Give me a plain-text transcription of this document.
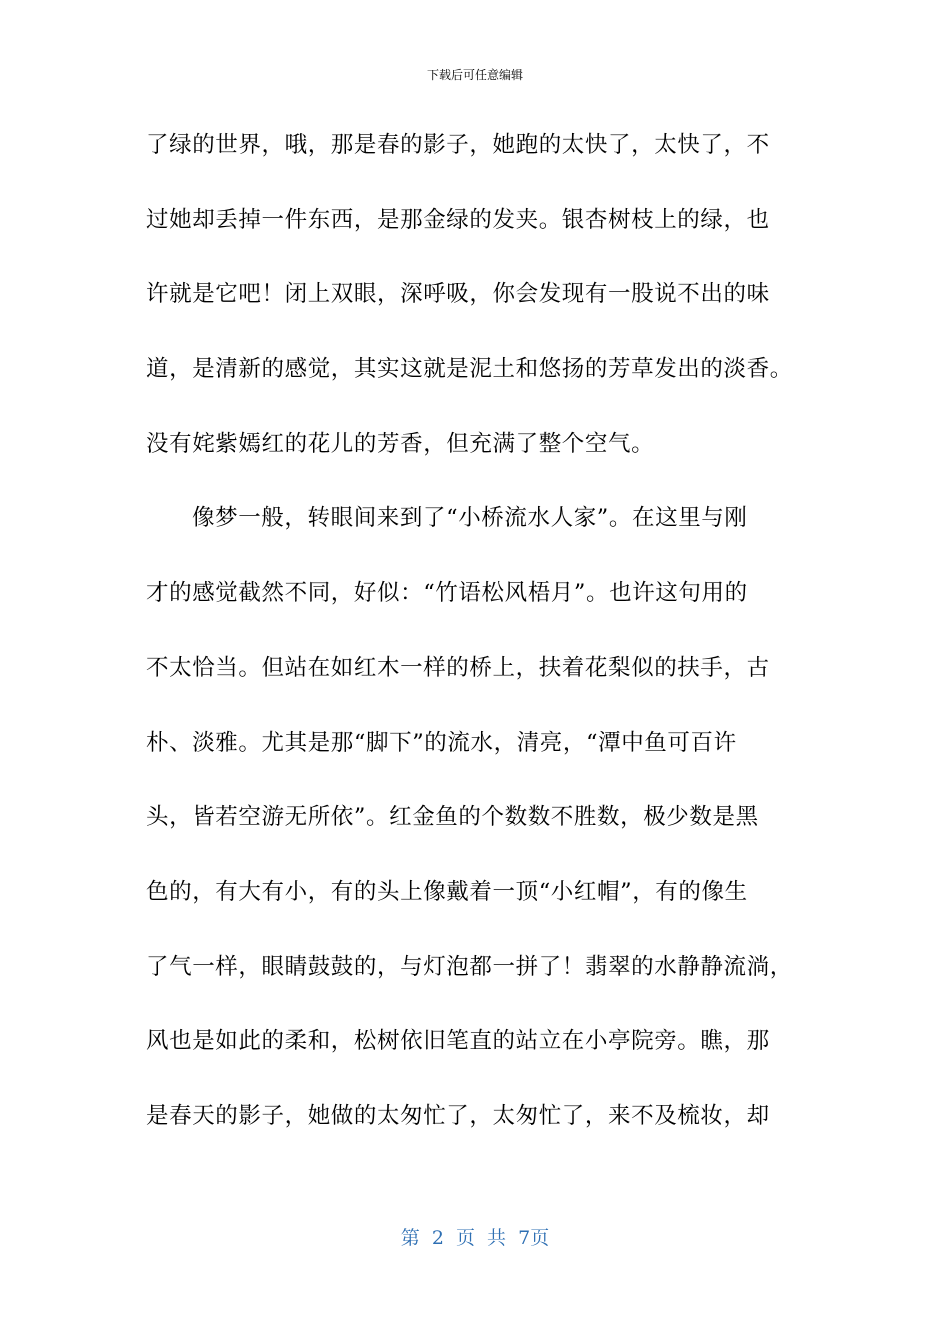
下载后可任意编辑
了绿的世界，哦，那是春的影子，她跑的太快了，太快了，不
过她却丢掉一件东西，是那金绿的发夹。银杏树枝上的绿，也
许就是它吧！闭上双眼，深呼吸，你会发现有一股说不出的味
道，是清新的感觉，其实这就是泥土和悠扬的芳草发出的淡香。
没有姹紫嫣红的花儿的芳香，但充满了整个空气。
像梦一般，转眼间来到了“小桥流水人家”。在这里与刚
才的感觉截然不同，好似：“竹语松风梧月”。也许这句用的
不太恰当。但站在如红木一样的桥上，扶着花梨似的扶手，古
朴、淡雅。尤其是那“脚下”的流水，清亮，“潭中鱼可百许
头，皆若空游无所依”。红金鱼的个数数不胜数，极少数是黑
色的，有大有小，有的头上像戴着一顶“小红帽”，有的像生
了气一样，眼睛鼓鼓的，与灯泡都一拼了！翡翠的水静静流淌，
风也是如此的柔和，松树依旧笔直的站立在小亭院旁。瞧，那
是春天的影子，她做的太匆忙了，太匆忙了，来不及梳妆，却
第 2 页 共 7页
